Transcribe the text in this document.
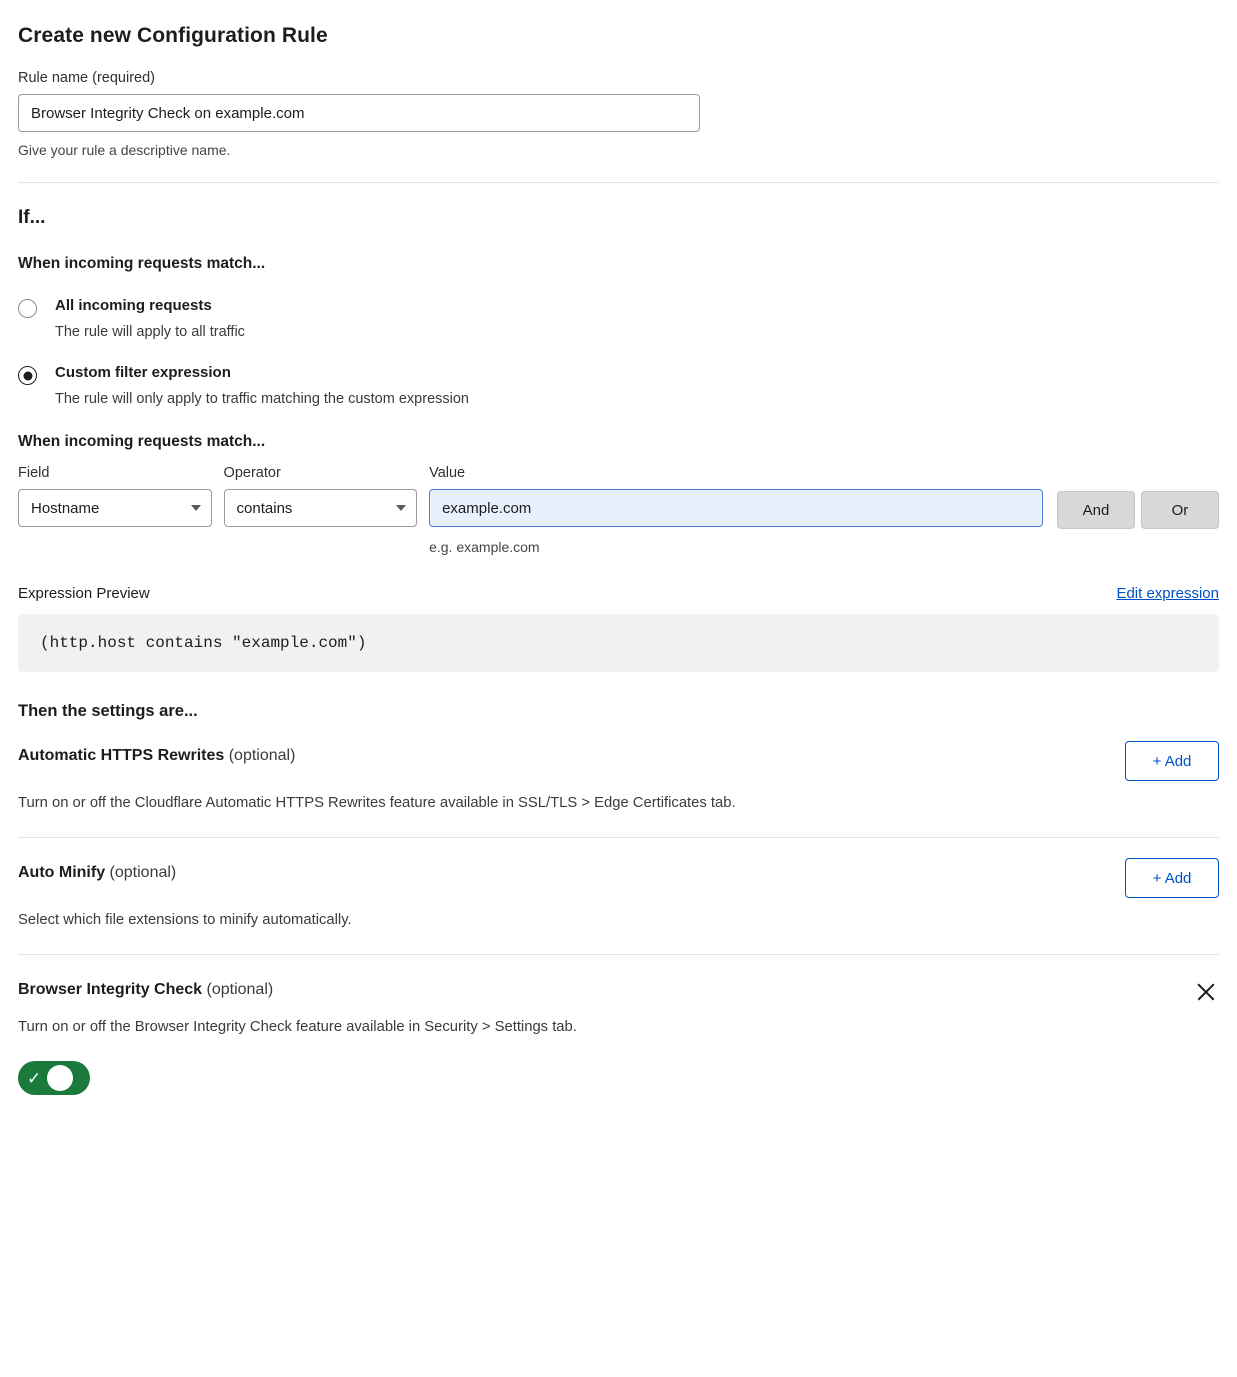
Create new Configuration Rule
Rule name (required)
Browser Integrity Check on example.com
Give your rule a descriptive name.
If...
When incoming requests match...
All incoming requests
The rule will apply to all traffic
Custom filter expression
The rule will only apply to traffic matching the custom expression
When incoming requests match...
Field
Hostname
Operator
contains
Value
example.com
e.g. example.com
And	Or
Expression Preview	Edit expression
(http.host contains "example.com")
Then the settings are...
Automatic HTTPS Rewrites (optional)	+ Add
Turn on or off the Cloudflare Automatic HTTPS Rewrites feature available in SSL/TLS > Edge Certificates tab.
Auto Minify (optional)	+ Add
Select which file extensions to minify automatically.
Browser Integrity Check (optional)
Turn on or off the Browser Integrity Check feature available in Security > Settings tab.
✓
